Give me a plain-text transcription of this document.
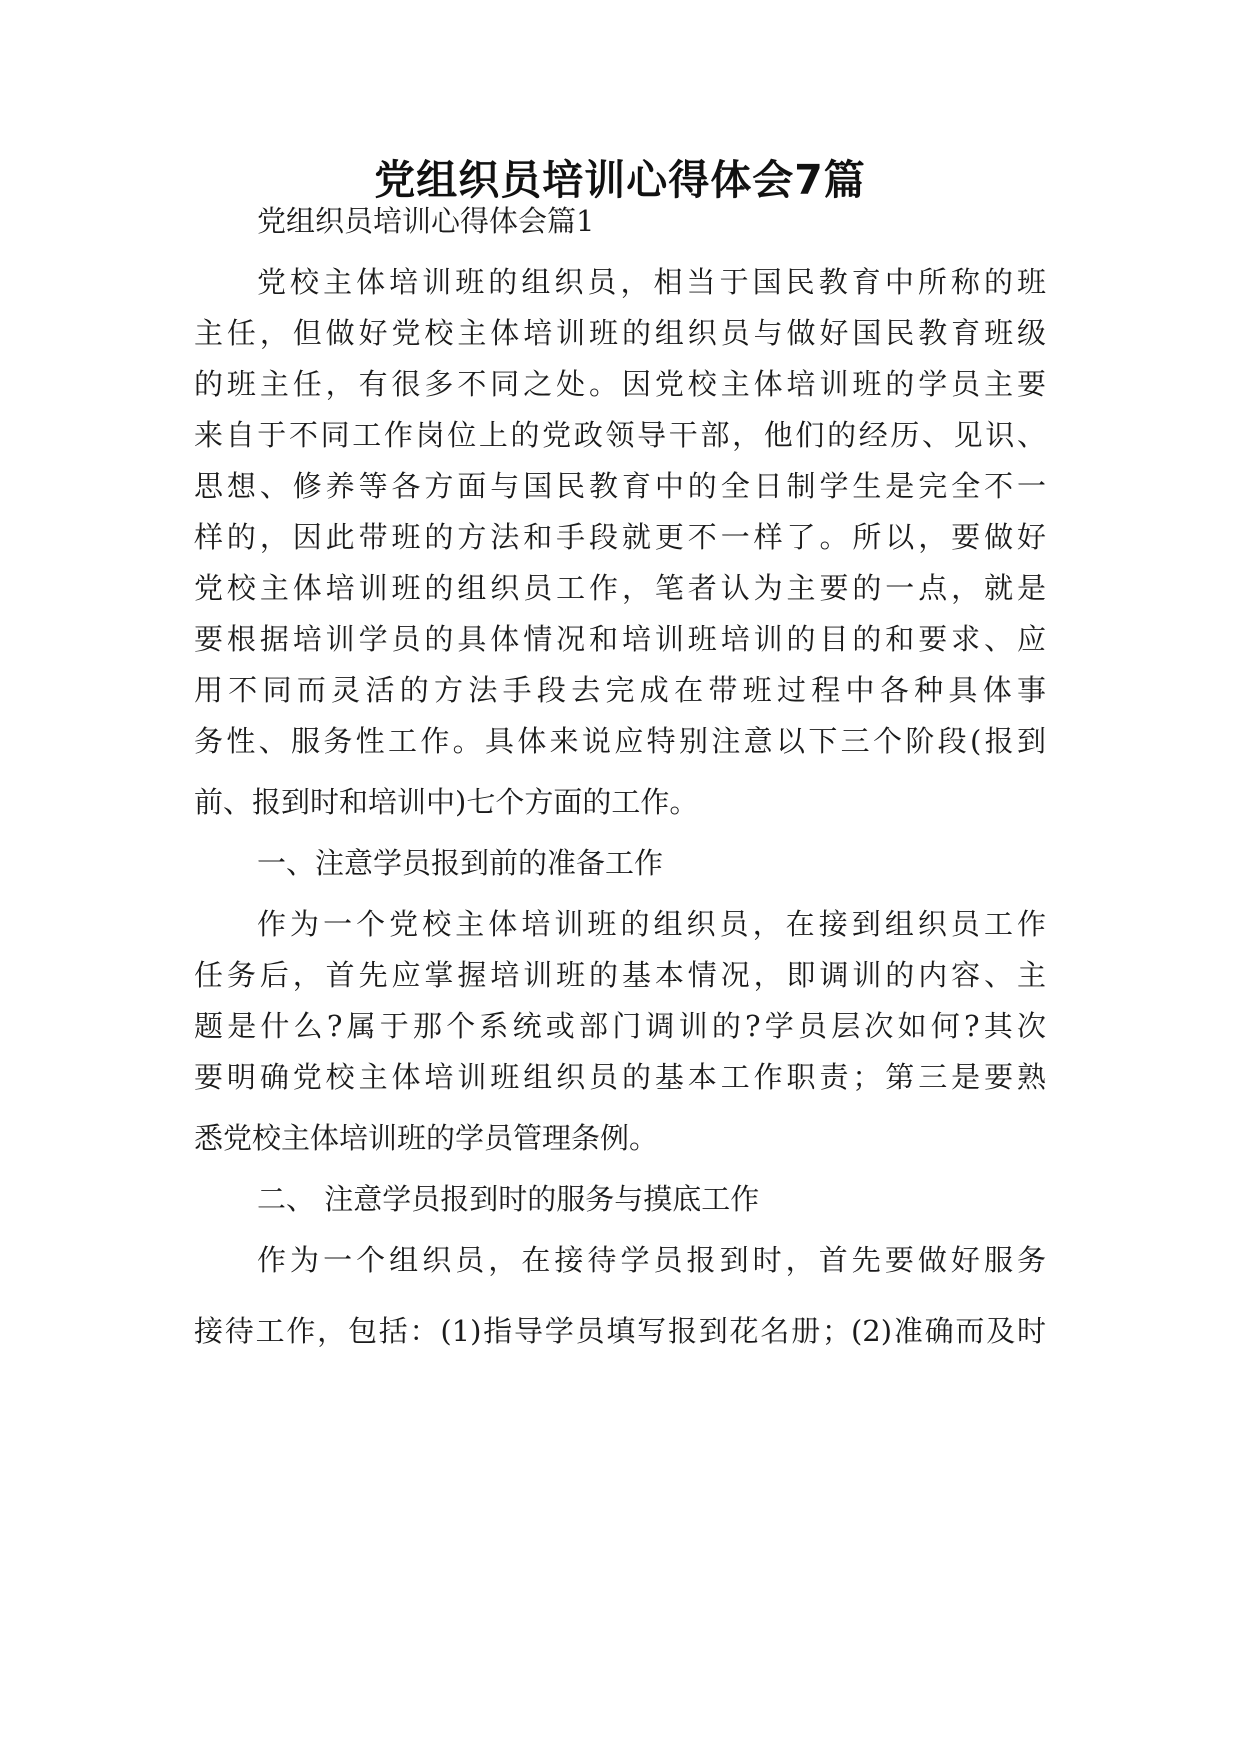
党组织员培训心得体会7篇
党组织员培训心得体会篇1
党校主体培训班的组织员，相当于国民教育中所称的班
主任，但做好党校主体培训班的组织员与做好国民教育班级
的班主任，有很多不同之处。因党校主体培训班的学员主要
来自于不同工作岗位上的党政领导干部，他们的经历、见识、
思想、修养等各方面与国民教育中的全日制学生是完全不一
样的，因此带班的方法和手段就更不一样了。所以，要做好
党校主体培训班的组织员工作，笔者认为主要的一点，就是
要根据培训学员的具体情况和培训班培训的目的和要求、应
用不同而灵活的方法手段去完成在带班过程中各种具体事
务性、服务性工作。具体来说应特别注意以下三个阶段(报到
前、报到时和培训中)七个方面的工作。
一、注意学员报到前的准备工作
作为一个党校主体培训班的组织员，在接到组织员工作
任务后，首先应掌握培训班的基本情况，即调训的内容、主
题是什么?属于那个系统或部门调训的?学员层次如何?其次
要明确党校主体培训班组织员的基本工作职责；第三是要熟
悉党校主体培训班的学员管理条例。
二、 注意学员报到时的服务与摸底工作
作为一个组织员，在接待学员报到时，首先要做好服务
接待工作，包括：(1)指导学员填写报到花名册；(2)准确而及时
